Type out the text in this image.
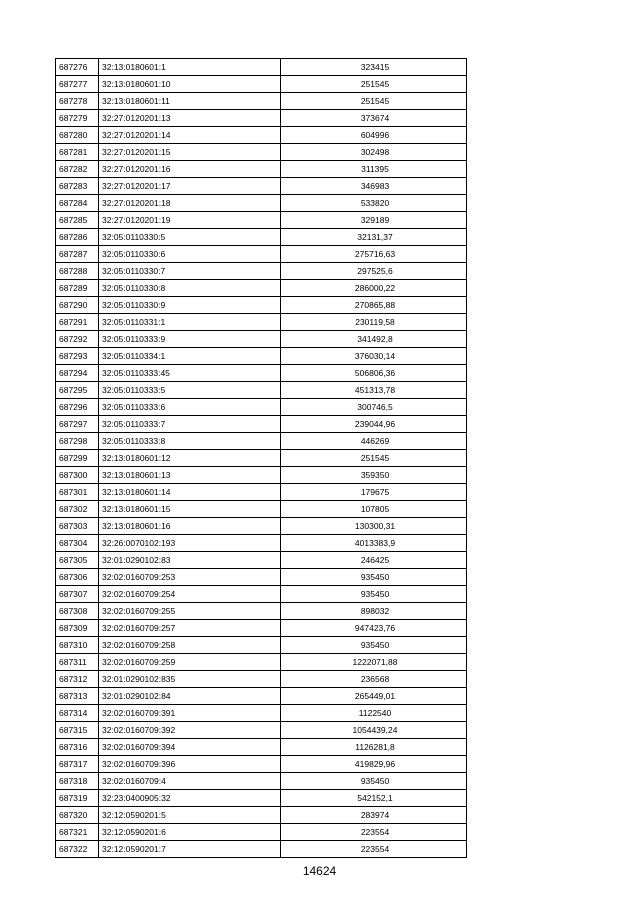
687276	32:13:0180601:1	323415
687277	32:13:0180601:10	251545
687278	32:13:0180601:11	251545
687279	32:27:0120201:13	373674
687280	32:27:0120201:14	604996
687281	32:27:0120201:15	302498
687282	32:27:0120201:16	311395
687283	32:27:0120201:17	346983
687284	32:27:0120201:18	533820
687285	32:27:0120201:19	329189
687286	32:05:0110330:5	32131,37
687287	32:05:0110330:6	275716,63
687288	32:05:0110330:7	297525,6
687289	32:05:0110330:8	286000,22
687290	32:05:0110330:9	270865,88
687291	32:05:0110331:1	230119,58
687292	32:05:0110333:9	341492,8
687293	32:05:0110334:1	376030,14
687294	32:05:0110333:45	506806,36
687295	32:05:0110333:5	451313,78
687296	32:05:0110333:6	300746,5
687297	32:05:0110333:7	239044,96
687298	32:05:0110333:8	446269
687299	32:13:0180601:12	251545
687300	32:13:0180601:13	359350
687301	32:13:0180601:14	179675
687302	32:13:0180601:15	107805
687303	32:13:0180601:16	130300,31
687304	32:26:0070102:193	4013383,9
687305	32:01:0290102:83	246425
687306	32:02:0160709:253	935450
687307	32:02:0160709:254	935450
687308	32:02:0160709:255	898032
687309	32:02:0160709:257	947423,76
687310	32:02:0160709:258	935450
687311	32:02:0160709:259	1222071,88
687312	32:01:0290102:835	236568
687313	32:01:0290102:84	265449,01
687314	32:02:0160709:391	1122540
687315	32:02:0160709:392	1054439,24
687316	32:02:0160709:394	1126281,8
687317	32:02:0160709:396	419829,96
687318	32:02:0160709:4	935450
687319	32:23:0400905:32	542152,1
687320	32:12:0590201:5	283974
687321	32:12:0590201:6	223554
687322	32:12:0590201:7	223554
14624
